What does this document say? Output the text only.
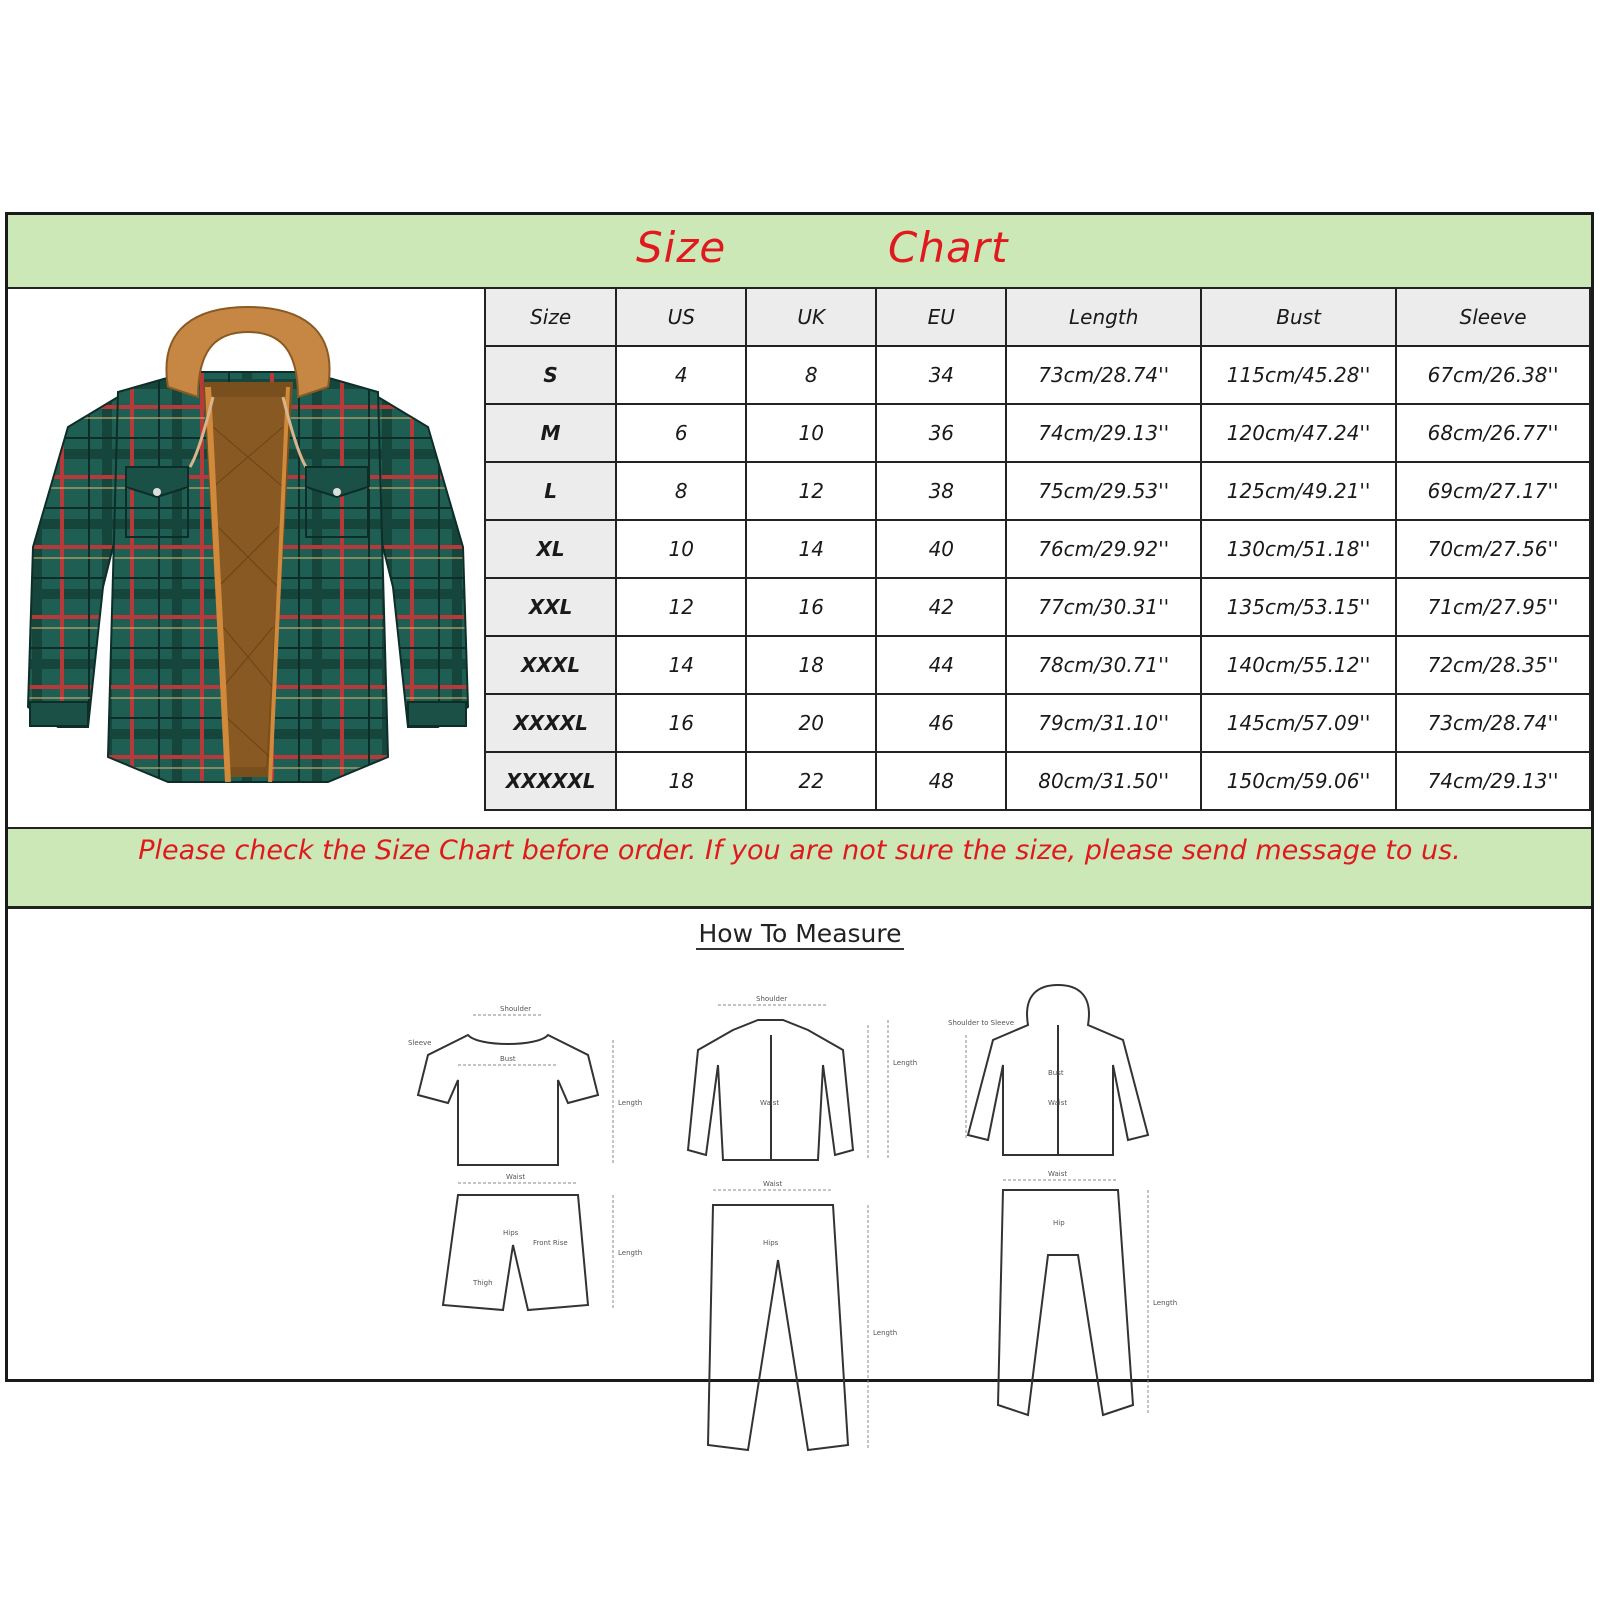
Size	Chart
Size	US	UK	EU	Length	Bust	Sleeve
S	4	8	34	73cm/28.74''	115cm/45.28''	67cm/26.38''
M	6	10	36	74cm/29.13''	120cm/47.24''	68cm/26.77''
L	8	12	38	75cm/29.53''	125cm/49.21''	69cm/27.17''
XL	10	14	40	76cm/29.92''	130cm/51.18''	70cm/27.56''
XXL	12	16	42	77cm/30.31''	135cm/53.15''	71cm/27.95''
XXXL	14	18	44	78cm/30.71''	140cm/55.12''	72cm/28.35''
XXXXL	16	20	46	79cm/31.10''	145cm/57.09''	73cm/28.74''
XXXXXL	18	22	48	80cm/31.50''	150cm/59.06''	74cm/29.13''
Please check the Size Chart before order. If you are not sure the size, please send message to us.
How To Measure
Shoulder
Bust
Length
Waist
Hips
Front Rise
Thigh
Length
Sleeve
Shoulder
Waist
Length
Waist
Hips
Length
Bust
Waist
Shoulder to Sleeve
Waist
Hip
Length
